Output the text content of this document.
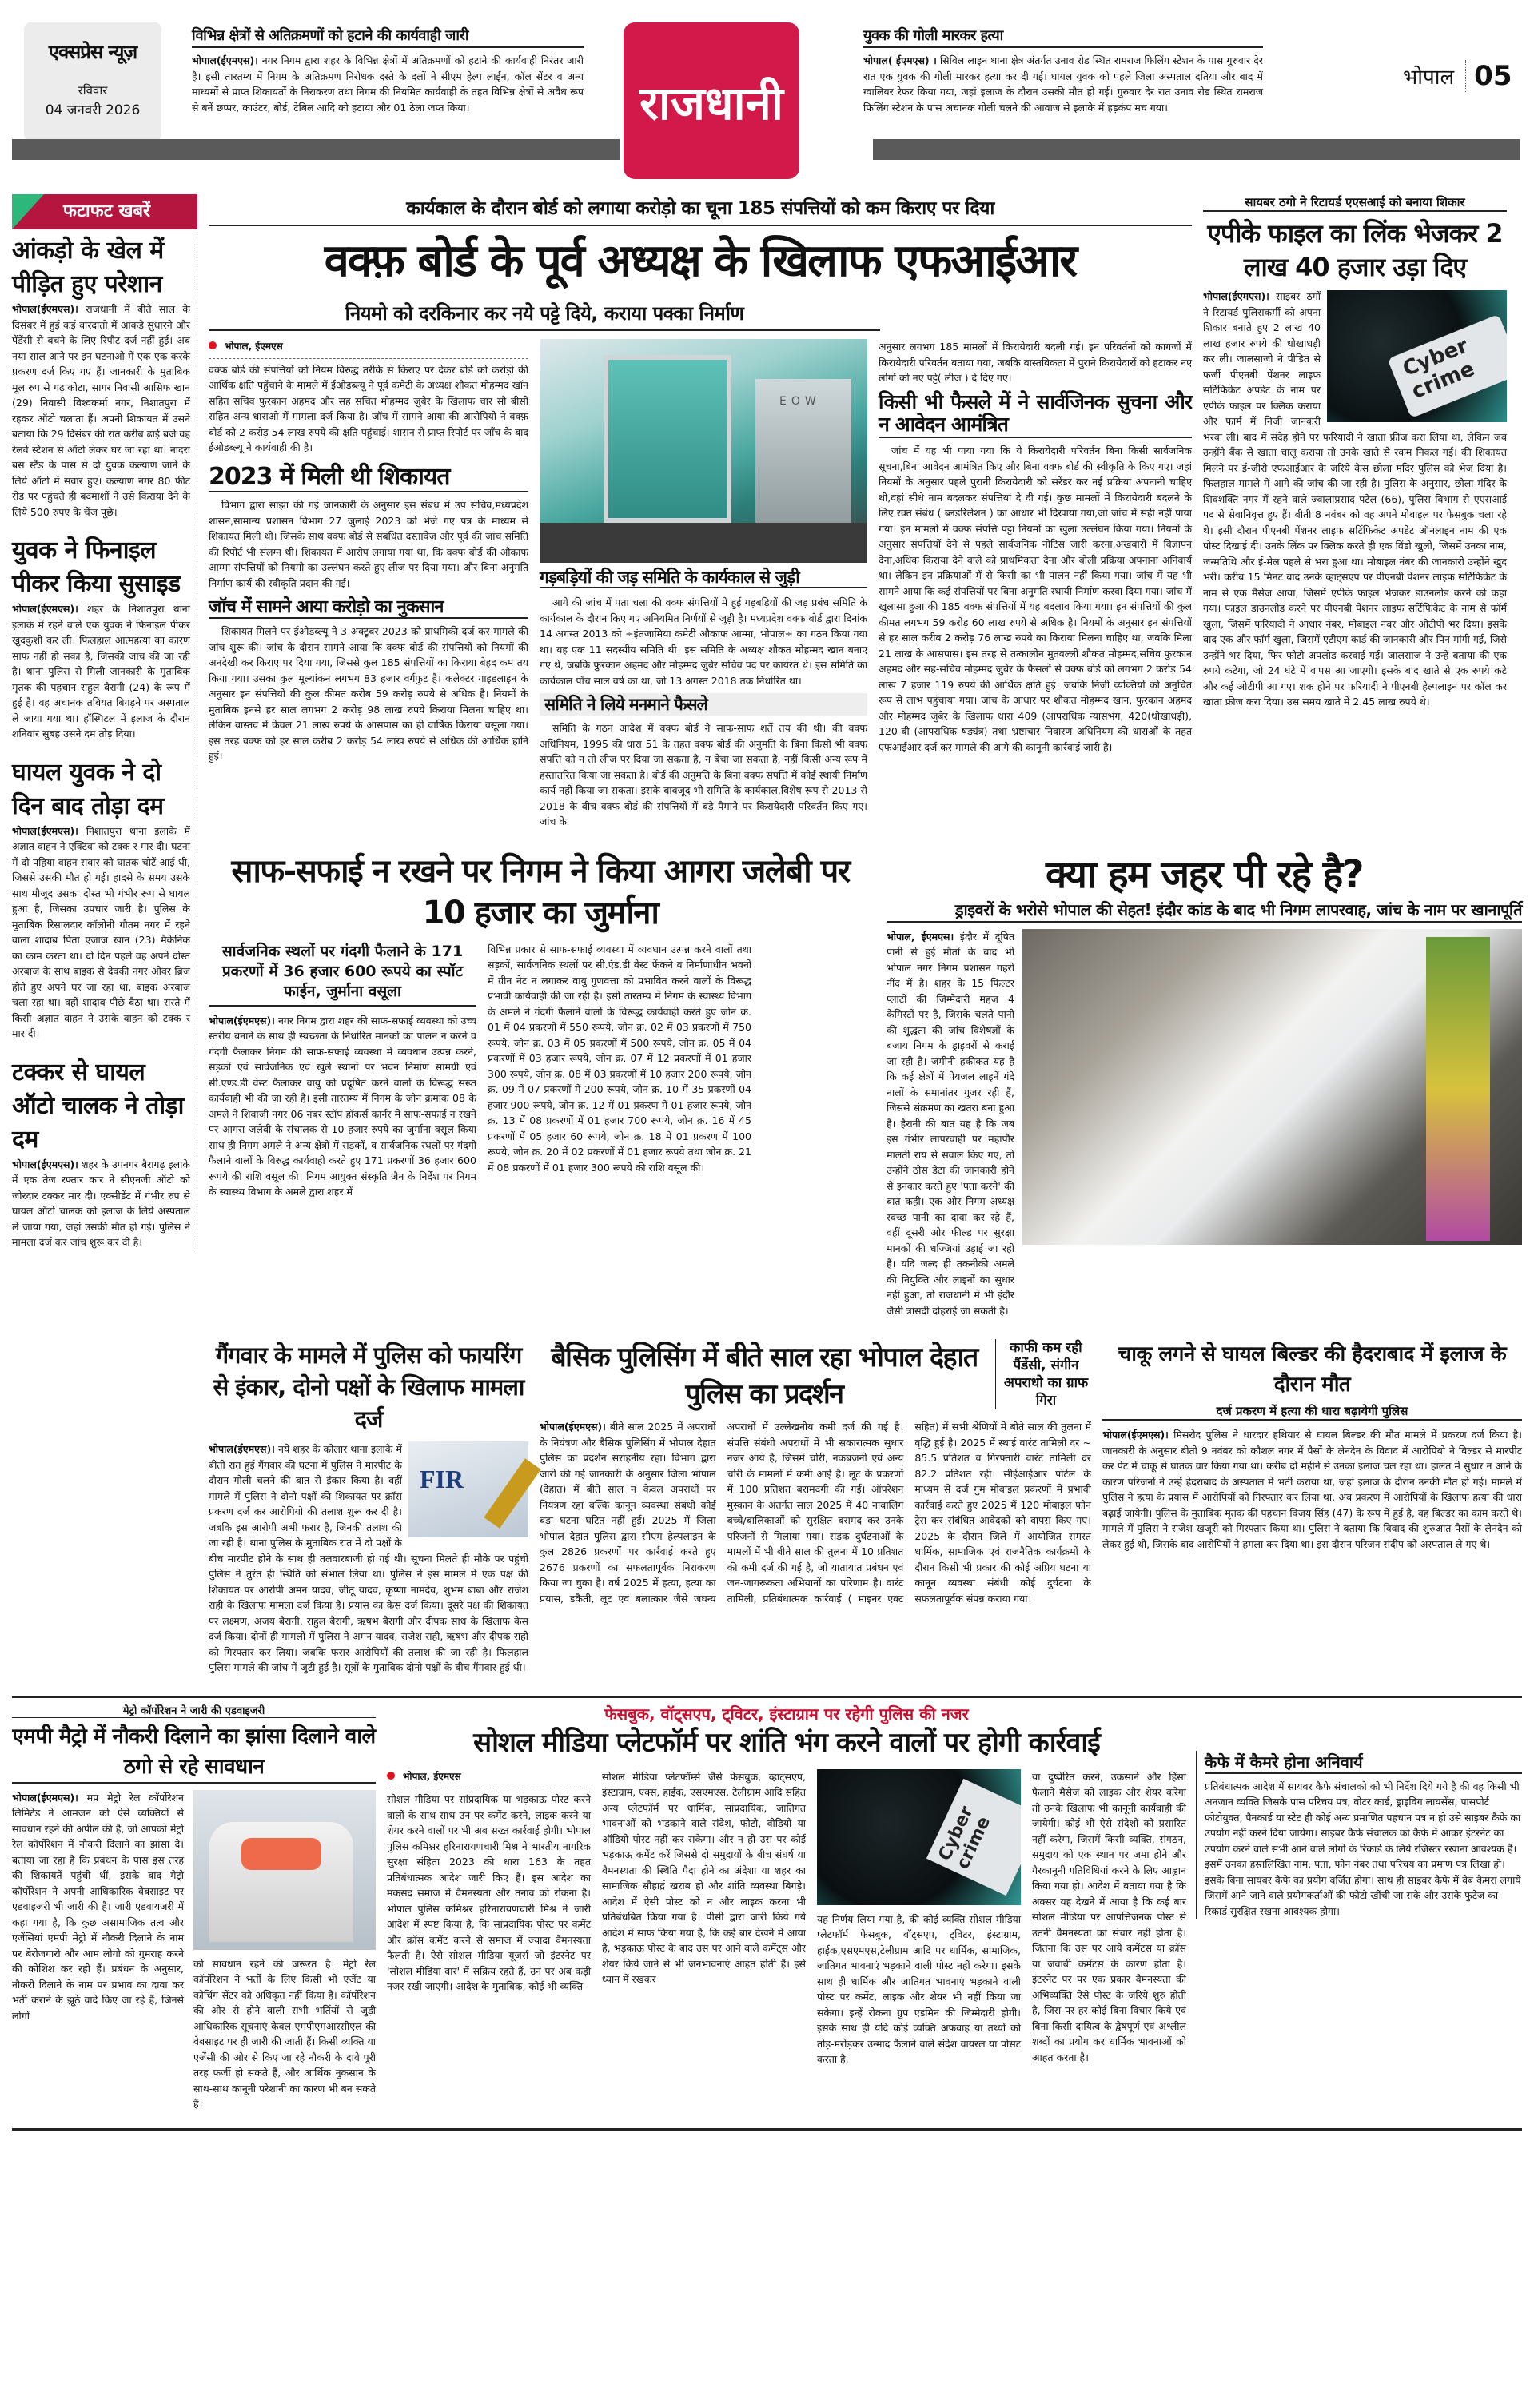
एक्सप्रेस न्यूज़
रविवार
04 जनवरी 2026
विभिन्न क्षेत्रों से अतिक्रमणों को हटाने की कार्यवाही जारी

भोपाल(ईएमएस)। नगर निगम द्वारा शहर के विभिन्न क्षेत्रों में अतिक्रमणों को हटाने की कार्यवाही निरंतर जारी है। इसी तारतम्य में निगम के अतिक्रमण निरोधक दस्ते के दलों ने सीएम हेल्प लाईन, कॉल सेंटर व अन्य माध्यमों से प्राप्त शिकायतों के निराकरण तथा निगम की नियमित कार्यवाही के तहत विभिन्न क्षेत्रों से अवैध रूप से बनें छप्पर, काउंटर, बोर्ड, टेबिल आदि को हटाया और 01 ठेला जप्त किया।	राजधानी
युवक की गोली मारकर हत्या

भोपाल( ईएमएस) । सिविल लाइन थाना क्षेत्र अंतर्गत उनाव रोड स्थित रामराज फिलिंग स्टेशन के पास गुरुवार देर रात एक युवक की गोली मारकर हत्या कर दी गई। घायल युवक को पहले जिला अस्पताल दतिया और बाद में ग्वालियर रेफर किया गया, जहां इलाज के दौरान उसकी मौत हो गई। गुरुवार देर रात उनाव रोड स्थित रामराज फिलिंग स्टेशन के पास अचानक गोली चलने की आवाज से इलाके में हड़कंप मच गया।

भोपाल 05
फटाफट खबरें
आंकड़ो के खेल में पीड़ित हुए परेशान
भोपाल(ईएमएस)। राजधानी में बीते साल के दिसंबर में हुई कई वारदातो में आंकड़े सुधारने और पेंडेंसी से बचने के लिए रिपौट दर्ज नहीं हुई। अब नया साल आने पर इन घटनाओ में एक-एक करके प्रकरण दर्ज किए गए हैं। जानकारी के मुताबिक मूल रुप से गढ़ाकोटा, सागर निवासी आसिफ खान (29) निवासी विश्वकर्मा नगर, निशातपुरा में रहकर ऑटो चलाता हैं। अपनी शिकायत में उसने बताया कि 29 दिसंबर की रात करीब ढाई बजे वह रेलवे स्टेशन से ऑटो लेकर घर जा रहा था। नादरा बस स्टैंड के पास से दो युवक कल्याण जाने के लिये ऑटो में सवार हुए। कल्याण नगर 80 फीट रोड पर पहुंचते ही बदमाशों ने उसे किराया देने के लिये 500 रुपए के चेंज पूछे।
युवक ने फिनाइल पीकर किया सुसाइड
भोपाल(ईएमएस)। शहर के निशातपुरा थाना इलाके में रहने वाले एक युवक ने फिनाइल पीकर खुदकुशी कर ली। फिलहाल आत्महत्या का कारण साफ नहीं हो सका है, जिसकी जांच की जा रही है। थाना पुलिस से मिली जानकारी के मुताबिक मृतक की पहचान राहुल बैरागी (24) के रूप में हुई है। वह अचानक तबियत बिगड़ने पर अस्पताल ले जाया गया था। हॉस्पिटल में इलाज के दौरान शनिवार सुबह उसने दम तोड़ दिया।
घायल युवक ने दो दिन बाद तोड़ा दम
भोपाल(ईएमएस)। निशातपुरा थाना इलाके में अज्ञात वाहन ने एक्टिवा को टक्क र मार दी। घटना में दो पहिया वाहन सवार को घातक चोटें आई थी, जिससे उसकी मौत हो गई। हादसे के समय उसके साथ मौजूद उसका दोस्त भी गंभीर रूप से घायल हुआ है, जिसका उपचार जारी है। पुलिस के मुताबिक रिसालदार कॉलोनी गौतम नगर में रहने वाला शादाब पिता एजाज खान (23) मैकेनिक का काम करता था। दो दिन पहले वह अपने दोस्त अरबाज के साथ बाइक से देवकी नगर ओवर ब्रिज होते हुए अपने घर जा रहा था, बाइक अरबाज चला रहा था। वहीं शादाब पीछे बैठा था। रास्ते में किसी अज्ञात वाहन ने उसके वाहन को टक्क र मार दी।
टक्कर से घायल ऑटो चालक ने तोड़ा दम
भोपाल(ईएमएस)। शहर के उपनगर बैरागढ़ इलाके में एक तेज रफ्तार कार ने सीएनजी ऑटो को जोरदार टक्कर मार दी। एक्सीडेंट में गंभीर रुप से घायल ऑटो चालक को इलाज के लिये अस्पताल ले जाया गया, जहां उसकी मौत हो गई। पुलिस ने मामला दर्ज कर जांच शुरू कर दी है।
कार्यकाल के दौरान बोर्ड को लगाया करोड़ो का चूना 185 संपत्तियों को कम किराए पर दिया
वक्फ़ बोर्ड के पूर्व अध्यक्ष के खिलाफ एफआईआर
नियमो को दरकिनार कर नये पट्टे दिये, कराया पक्का निर्माण
भोपाल, ईएमएस
वक्फ़ बोर्ड की संपत्तियों को नियम विरुद्ध तरीके से किराए पर देकर बोर्ड को करोड़ो की आर्थिक क्षति पहुँचाने के मामले में ईओडब्ल्यू ने पूर्व कमेटी के अध्यक्ष शौकत मोहम्मद खॉन सहित सचिव फुरकान अहमद और सह सचित मोहम्मद जुबेर के खिलाफ चार सौ बीसी सहित अन्य धाराओ में मामला दर्ज किया है। जॉच में सामने आया की आरोपियो ने वक्फ़ बोर्ड को 2 करोड़ 54 लाख रुपये की क्षति पहुंचाई। शासन से प्राप्त रिपोर्ट पर जाँच के बाद ईओडब्ल्यू ने कार्यवाही की है।
2023 में मिली थी शिकायत

विभाग द्वारा साझा की गई जानकारी के अनुसार इस संबध में उप सचिव,मध्यप्रदेश शासन,सामान्य प्रशासन विभाग 27 जुलाई 2023 को भेजे गए पत्र के माध्यम से शिकायत मिली थी। जिसके साथ वक्फ बोर्ड से संबंधित दस्तावेज़ और पूर्व की जांच समिति की रिपोर्ट भी संलग्न थी। शिकायत में आरोप लगाया गया था, कि वक्फ बोर्ड की औकाफ आम्मा संपत्तियों को नियमो का उल्लंघन करते हुए लीज पर दिया गया। और बिना अनुमति निर्माण कार्य की स्वीकृति प्रदान की गई।

जॉच में सामने आया करोड़ो का नुकसान

शिकायत मिलने पर ईओडब्ल्यू ने 3 अक्टूबर 2023 को प्राथमिकी दर्ज कर मामले की जांच शुरू की। जांच के दौरान सामने आया कि वक्फ बोर्ड की संपत्तियों को नियमों की अनदेखी कर किराए पर दिया गया, जिससे कुल 185 संपत्तियों का किराया बेहद कम तय किया गया। उसका कुल मूल्यांकन लगभग 83 हजार वर्गफुट है। कलेक्टर गाइडलाइन के अनुसार इन संपत्तियों की कुल कीमत करीब 59 करोड़ रुपये से अधिक है। नियमों के मुताबिक इनसे हर साल लगभग 2 करोड़ 98 लाख रुपये किराया मिलना चाहिए था। लेकिन वास्तव में केवल 21 लाख रुपये के आसपास का ही वार्षिक किराया वसूला गया। इस तरह वक्फ को हर साल करीब 2 करोड़ 54 लाख रुपये से अधिक की आर्थिक हानि हुई।

EOW
गड़बड़ियों की जड़ समिति के कार्यकाल से जुड़ी

आगे की जांच में पता चला की वक्फ संपत्तियों में हुई गड़बड़ियों की जड़ प्रबंध समिति के कार्यकाल के दौरान किए गए अनियमित निर्णयों से जुड़ी है। मध्यप्रदेश वक्फ बोर्ड द्वारा दिनांक 14 अगस्त 2013 को ÷इंतजामिया कमेटी औकाफ आम्मा, भोपाल÷ का गठन किया गया था। यह एक 11 सदस्यीय समिति थी। इस समिति के अध्यक्ष शौकत मोहम्मद खान बनाए गए थे, जबकि फुरकान अहमद और मोहम्मद जुबेर सचिव पद पर कार्यरत थे। इस समिति का कार्यकाल पाँच साल वर्ष का था, जो 13 अगस्त 2018 तक निर्धारित था।

समिति ने लिये मनमाने फैसले

समिति के गठन आदेश में वक्फ बोर्ड ने साफ-साफ शर्ते तय की थी। की वक्फ अधिनियम, 1995 की धारा 51 के तहत वक्फ बोर्ड की अनुमति के बिना किसी भी वक्फ संपत्ति को न तो लीज पर दिया जा सकता है, न बेचा जा सकता है, नहीं किसी अन्य रूप में हस्तांतरित किया जा सकता है। बोर्ड की अनुमति के बिना वक्फ संपत्ति में कोई स्थायी निर्माण कार्य नहीं किया जा सकता। इसके बावजूद भी समिति के कार्यकाल,विशेष रूप से 2013 से 2018 के बीच वक्फ बोर्ड की संपत्तियों में बड़े पैमाने पर किरायेदारी परिवर्तन किए गए। जांच के

अनुसार लगभग 185 मामलों में किरायेदारी बदली गई। इन परिवर्तनों को कागजों में किरायेदारी परिवर्तन बताया गया, जबकि वास्तविकता में पुराने किरायेदारों को हटाकर नए लोगों को नए पट्टे( लीज ) दे दिए गए।
किसी भी फैसले में ने सार्वजिनक सुचना और न आवेदन आमंत्रित

जांच में यह भी पाया गया कि ये किरायेदारी परिवर्तन बिना किसी सार्वजनिक सूचना,बिना आवेदन आमंत्रित किए और बिना वक्फ बोर्ड की स्वीकृति के किए गए। जहां नियमों के अनुसार पहले पुरानी किरायेदारी को सरेंडर कर नई प्रक्रिया अपनानी चाहिए थी,वहां सीधे नाम बदलकर संपत्तियां दे दी गई। कुछ मामलों में किरायेदारी बदलने के लिए रक्त संबंध ( ब्लडरिलेशन ) का आधार भी दिखाया गया,जो जांच में सही नहीं पाया गया। इन मामलों में वक्फ संपत्ति पट्टा नियमों का खुला उल्लंघन किया गया। नियमों के अनुसार संपत्तियों देने से पहले सार्वजनिक नोटिस जारी करना,अखबारों में विज्ञापन देना,अधिक किराया देने वाले को प्राथमिकता देना और बोली प्रक्रिया अपनाना अनिवार्य था। लेकिन इन प्रक्रियाओं में से किसी का भी पालन नहीं किया गया। जांच में यह भी सामने आया कि कई संपत्तियों पर बिना अनुमति स्थायी निर्माण करवा दिया गया। जांच में खुलासा हुआ की 185 वक्फ संपत्तियों में यह बदलाव किया गया। इन संपत्तियों की कुल कीमत लगभग 59 करोड़ 60 लाख रुपये से अधिक है। नियमों के अनुसार इन संपत्तियों से हर साल करीब 2 करोड़ 76 लाख रुपये का किराया मिलना चाहिए था, जबकि मिला 21 लाख के आसपास। इस तरह से तत्कालीन मुतवल्ली शौकत मोहम्मद,सचिव फुरकान अहमद और सह-सचिव मोहम्मद जुबेर के फैसलों से वक्फ बोर्ड को लगभग 2 करोड़ 54 लाख 7 हजार 119 रुपये की आर्थिक क्षति हुई। जबकि निजी व्यक्तियों को अनुचित रूप से लाभ पहुंचाया गया। जांच के आधार पर शौकत मोहम्मद खान, फुरकान अहमद और मोहम्मद जुबेर के खिलाफ धारा 409 (आपराधिक न्यासभंग, 420(धोखाधड़ी), 120-बी (आपराधिक षड्यंत्र) तथा भ्रष्टाचार निवारण अधिनियम की धाराओं के तहत एफआईआर दर्ज कर मामले की आगे की कानूनी कार्रवाई जारी है।

सायबर ठगो ने रिटायर्ड एएसआई को बनाया शिकार
एपीके फाइल का लिंक भेजकर 2 लाख 40 हजार उड़ा दिए
Cyber crime
भोपाल(ईएमएस)। साइबर ठगों ने रिटायर्ड पुलिसकर्मी को अपना शिकार बनाते हुए 2 लाख 40 लाख हजार रुपये की धोखाधड़ी कर ली। जालसाजो ने पीड़ित से फर्जी पीएनबी पेंशनर लाइफ सर्टिफिकेट अपडेट के नाम पर एपीके फाइल पर क्लिक कराया और फार्म में निजी जानकरी भरवा ली। बाद में संदेह होने पर फरियादी ने खाता फ्रीज करा लिया था, लेकिन जब उन्होंने बैंक से खाता चालू कराया तो उनके खाते से रकम निकल गई। की शिकायत मिलने पर ई-जीरो एफआईआर के जरिये केस छोला मंदिर पुलिस को भेज दिया है। फिलहाल मामले में आगे की जांच की जा रही है। पुलिस के अनुसार, छोला मंदिर के शिवशक्ति नगर में रहने वाले ज्वालाप्रसाद पटेल (66), पुलिस विभाग से एएसआई पद से सेवानिवृत्त हुए हैं। बीती 8 नवंबर को वह अपने मोबाइल पर फेसबुक चला रहे थे। इसी दौरान पीएनबी पेंशनर लाइफ सर्टिफिकेट अपडेट ऑनलाइन नाम की एक पोस्ट दिखाई दी। उनके लिंक पर क्लिक करते ही एक विंडो खुली, जिसमें उनका नाम, जन्मतिथि और ई-मेल पहले से भरा हुआ था। मोबाइल नंबर की जानकारी उन्होंने खुद भरी। करीब 15 मिनट बाद उनके व्हाट्सएप पर पीएनबी पेंशनर लाइफ सर्टिफिकेट के नाम से एक मैसेज आया, जिसमें एपीके फाइल भेजकर डाउनलोड करने को कहा गया। फाइल डाउनलोड करने पर पीएनबी पेंशनर लाइफ सर्टिफिकेट के नाम से फॉर्म खुला, जिसमें फरियादी ने आधार नंबर, मोबाइल नंबर और ओटीपी भर दिया। इसके बाद एक और फॉर्म खुला, जिसमें एटीएम कार्ड की जानकारी और पिन मांगी गई, जिसे उन्होंने भर दिया, फिर फोटो अपलोड करवाई गई। जालसाज ने उन्हें बताया की एक रुपये कटेगा, जो 24 घंटे में वापस आ जाएगी। इसके बाद खाते से एक रुपये कटे और कई ओटीपी आ गए। शक होने पर फरियादी ने पीएनबी हेल्पलाइन पर कॉल कर खाता फ्रीज करा दिया। उस समय खाते में 2.45 लाख रुपये थे।
साफ-सफाई न रखने पर निगम ने किया आगरा जलेबी पर 10 हजार का जुर्माना
सार्वजनिक स्थलों पर गंदगी फैलाने के 171 प्रकरणों में 36 हजार 600 रूपये का स्पॉट फाईन, जुर्माना वसूला
भोपाल(ईएमएस)। नगर निगम द्वारा शहर की साफ-सफाई व्यवस्था को उच्च स्तरीय बनाने के साथ ही स्वच्छता के निर्धारित मानकों का पालन न करने व गंदगी फैलाकर निगम की साफ-सफाई व्यवस्था में व्यवधान उत्पन्न करने, सड़कों एवं सार्वजनिक एवं खुले स्थानों पर भवन निर्माण सामग्री एवं सी.एण्ड.डी वेस्ट फैलाकर वायु को प्रदूषित करने वालों के विरूद्ध सख्त कार्यवाही भी की जा रही है। इसी तारतम्य में निगम के जोन क्रमांक 08 के अमले ने शिवाजी नगर 06 नंबर स्टॉप हॉकर्स कार्नर में साफ-सफाई न रखने पर आगरा जलेबी के संचालक से 10 हजार रुपये का जुर्माना वसूल किया साथ ही निगम अमले ने अन्य क्षेत्रों में सड़कों, व सार्वजनिक स्थलों पर गंदगी फैलाने वालों के विरुद्ध कार्यवाही करते हुए 171 प्रकरणों 36 हजार 600 रूपये की राशि वसूल की। निगम आयुक्त संस्कृति जैन के निर्देश पर निगम के स्वास्थ्य विभाग के अमले द्वारा शहर में
विभिन्न प्रकार से साफ-सफाई व्यवस्था में व्यवधान उत्पन्न करने वालों तथा सड़कों, सार्वजनिक स्थलों पर सी.एंड.डी वेस्ट फेंकने व निर्माणाधीन भवनों में ग्रीन नेट न लगाकर वायु गुणवत्ता को प्रभावित करने वालों के विरूद्ध प्रभावी कार्यवाही की जा रही है। इसी तारतम्य में निगम के स्वास्थ्य विभाग के अमले ने गंदगी फैलाने वालों के विरूद्ध कार्यवाही करते हुए जोन क्र. 01 में 04 प्रकरणों में 550 रूपये, जोन क्र. 02 में 03 प्रकरणों में 750 रूपये, जोन क्र. 03 में 05 प्रकरणों में 500 रूपये, जोन क्र. 05 में 04 प्रकरणों में 03 हजार रूपये, जोन क्र. 07 में 12 प्रकरणों में 01 हजार 300 रूपये, जोन क्र. 08 में 03 प्रकरणों में 10 हजार 200 रूपये, जोन क्र. 09 में 07 प्रकरणों में 200 रूपये, जोन क्र. 10 में 35 प्रकरणों 04 हजार 900 रूपये, जोन क्र. 12 में 01 प्रकरण में 01 हजार रूपये, जोन क्र. 13 में 08 प्रकरणों में 01 हजार 700 रूपये, जोन क्र. 16 में 45 प्रकरणों में 05 हजार 60 रूपये, जोन क्र. 18 में 01 प्रकरण में 100 रूपये, जोन क्र. 20 में 02 प्रकरणों में 01 हजार रूपये तथा जोन क्र. 21 में 08 प्रकरणों में 01 हजार 300 रूपये की राशि वसूल की।
क्या हम जहर पी रहे है?
ड्राइवरों के भरोसे भोपाल की सेहत! इंदौर कांड के बाद भी निगम लापरवाह, जांच के नाम पर खानापूर्ति
भोपाल, ईएमएस। इंदौर में दूषित पानी से हुई मौतों के बाद भी भोपाल नगर निगम प्रशासन गहरी नींद में है। शहर के 15 फिल्टर प्लांटों की जिम्मेदारी महज 4 केमिस्टों पर है, जिसके चलते पानी की शुद्धता की जांच विशेषज्ञों के बजाय निगम के ड्राइवरों से कराई जा रही है। जमीनी हकीकत यह है कि कई क्षेत्रों में पेयजल लाइनें गंदे नालों के समानांतर गुजर रही हैं, जिससे संक्रमण का खतरा बना हुआ है। हैरानी की बात यह है कि जब इस गंभीर लापरवाही पर महापौर मालती राय से सवाल किए गए, तो उन्होंने ठोस डेटा की जानकारी होने से इनकार करते हुए 'पता करने' की बात कही। एक ओर निगम अध्यक्ष स्वच्छ पानी का दावा कर रहे हैं, वहीं दूसरी ओर फील्ड पर सुरक्षा मानकों की धज्जियां उड़ाई जा रही हैं। यदि जल्द ही तकनीकी अमले की नियुक्ति और लाइनों का सुधार नहीं हुआ, तो राजधानी में भी इंदौर जैसी त्रासदी दोहराई जा सकती है।
गैंगवार के मामले में पुलिस को फायरिंग से इंकार, दोनो पक्षों के खिलाफ मामला दर्ज
FIR
भोपाल(ईएमएस)। नये शहर के कोलार थाना इलाके में बीती रात हुई गैंगवार की घटना में पुलिस ने मारपीट के दौरान गोली चलने की बात से इंकार किया है। वहीं मामले में पुलिस ने दोनो पक्षों की शिकायत पर क्रॉस प्रकरण दर्ज कर आरोपियो की तलाश शुरू कर दी है। जबकि इस आरोपी अभी फरार है, जिनकी तलाश की जा रही है। थाना पुलिस के मुताबिक रात में दो पक्षों के बीच मारपीट होने के साथ ही तलवारबाजी हो गई थी। सूचना मिलते ही मौके पर पहुंची पुलिस ने तुरंत ही स्थिति को संभाल लिया था। पुलिस ने इस मामले में एक पक्ष की शिकायत पर आरोपी अमन यादव, जीतू यादव, कृष्णा नामदेव, शुभम बाबा और राजेश राही के खिलाफ मामला दर्ज किया है। प्रयास का केस दर्ज किया। दूसरे पक्ष की शिकायत पर लक्ष्मण, अजय बैरागी, राहुल बैरागी, ऋषभ बैरागी और दीपक साध के खिलाफ केस दर्ज किया। दोनों ही मामलों में पुलिस ने अमन यादव, राजेश राही, ऋषभ और दीपक राही को गिरफ्तार कर लिया। जबकि फरार आरोपियों की तलाश की जा रही है। फिलहाल पुलिस मामले की जांच में जुटी हुई है। सूत्रों के मुताबिक दोनो पक्षों के बीच गैंगवार हुई थी।
बैसिक पुलिसिंग में बीते साल रहा भोपाल देहात पुलिस का प्रदर्शन
काफी कम रही पैंडेंसी, संगीन अपराधो का ग्राफ गिरा
भोपाल(ईएमएस)। बीते साल 2025 में अपराधों के नियंत्रण और बैसिक पुलिसिंग में भोपाल देहात पुलिस का प्रदर्शन सराहनीय रहा। विभाग द्वारा जारी की गई जानकारी के अनुसार जिला भोपाल (देहात) में बीते साल न केवल अपराधों पर नियंत्रण रहा बल्कि कानून व्यवस्था संबंधी कोई बड़ा घटना घटित नहीं हुई। 2025 में जिला भोपाल देहात पुलिस द्वारा सीएम हेल्पलाइन के कुल 2826 प्रकरणों पर कार्रवाई करते हुए 2676 प्रकरणों का सफलतापूर्वक निराकरण किया जा चुका है। वर्ष 2025 में हत्या, हत्या का प्रयास, डकैती, लूट एवं बलात्कार जैसे जघन्य अपराधों में उल्लेखनीय कमी दर्ज की गई है। संपत्ति संबंधी अपराधों में भी सकारात्मक सुधार नजर आये है, जिसमें चोरी, नकबजनी एवं अन्य चोरी के मामलों में कमी आई है। लूट के प्रकरणों में 100 प्रतिशत बरामदगी की गई। ऑपरेशन मुस्कान के अंतर्गत साल 2025 में 40 नाबालिग बच्चे/बालिकाओं को सुरक्षित बरामद कर उनके परिजनों से मिलाया गया। सड़क दुर्घटनाओं के मामलों में भी बीते साल की तुलना में 10 प्रतिशत की कमी दर्ज की गई है, जो यातायात प्रबंधन एवं जन-जागरूकता अभियानों का परिणाम है। वारंट तामिली, प्रतिबंधात्मक कार्रवाई ( माइनर एक्ट सहित) में सभी श्रेणियों में बीते साल की तुलना में वृद्धि हुई है। 2025 में स्थाई वारंट तामिली दर ~ 85.5 प्रतिशत व गिरफ्तारी वारंट तामिली दर 82.2 प्रतिशत रही। सीईआईआर पोर्टल के माध्यम से दर्ज गुम मोबाइल प्रकरणों में प्रभावी कार्रवाई करते हुए 2025 में 120 मोबाइल फोन ट्रेस कर संबंधित आवेदकों को वापस किए गए। 2025 के दौरान जिले में आयोजित समस्त धार्मिक, सामाजिक एवं राजनैतिक कार्यक्रमों के दौरान किसी भी प्रकार की कोई अप्रिय घटना या कानून व्यवस्था संबंधी कोई दुर्घटना के सफलतापूर्वक संपन्न कराया गया।
चाकू लगने से घायल बिल्डर की हैदराबाद में इलाज के दौरान मौत
दर्ज प्रकरण में हत्या की धारा बढ़ायेगी पुलिस
भोपाल(ईएमएस)। मिसरोद पुलिस ने धारदार हथियार से घायल बिल्डर की मौत मामले में प्रकरण दर्ज किया है। जानकारी के अनुसार बीती 9 नवंबर को कौशल नगर में पैसों के लेनदेन के विवाद में आरोपियो ने बिल्डर से मारपीट कर पेट में चाकू से घातक वार किया गया था। करीब दो महीने से उनका इलाज चल रहा था। हालत में सुधार न आने के कारण परिजनों ने उन्हें हेदराबाद के अस्पताल में भर्ती कराया था, जहां इलाज के दौरान उनकी मौत हो गई। मामले में पुलिस ने हत्या के प्रयास में आरोपियों को गिरफ्तार कर लिया था, अब प्रकरण में आरोपियों के खिलाफ हत्या की धारा बढ़ाई जायेगी। पुलिस के मुताबिक मृतक की पहचान विजय सिंह (47) के रूप में हुई है, वह बिल्डर का काम करते थे। मामले में पुलिस ने राजेश खजूरी को गिरफ्तार किया था। पुलिस ने बताया कि विवाद की शुरुआत पैसों के लेनदेन को लेकर हुई थी, जिसके बाद आरोपियों ने हमला कर दिया था। इस दौरान परिजन संदीप को अस्पताल ले गए थे।
मेट्रो कॉर्पोरेशन ने जारी की एडवाइजरी
एमपी मैट्रो में नौकरी दिलाने का झांसा दिलाने वाले ठगो से रहे सावधान
भोपाल(ईएमएस)। मप्र मेट्रो रेल कॉर्पोरेशन लिमिटेड ने आमजन को ऐसे व्यक्तियों से सावधान रहने की अपील की है, जो आपको मेट्रो रेल कॉर्पोरेशन में नौकरी दिलाने का झांसा दे। बताया जा रहा है कि प्रबंधन के पास इस तरह की शिकायतें पहुंची थीं, इसके बाद मेट्रो कॉर्पोरेशन ने अपनी आधिकारिक वेबसाइट पर एडवाइजरी भी जारी की है। जारी एडवायजरी में कहा गया है, कि कुछ असामाजिक तत्व और एजेंसियां एमपी मेट्रो में नौकरी दिलाने के नाम पर बेरोजगारो और आम लोगो को गुमराह करने की कोशिश कर रही हैं। प्रबंधन के अनुसार, नौकरी दिलाने के नाम पर प्रभाव का दावा कर भर्ती कराने के झूठे वादे किए जा रहे हैं, जिनसे लोगों
को सावधान रहने की जरूरत है। मेट्रो रेल कॉर्पोरेशन ने भर्ती के लिए किसी भी एजेंट या कोचिंग सेंटर को अधिकृत नहीं किया है। कॉर्पोरेशन की ओर से होने वाली सभी भर्तियों से जुड़ी आधिकारिक सूचनाएं केवल एमपीएमआरसीएल की वेबसाइट पर ही जारी की जाती हैं। किसी व्यक्ति या एजेंसी की ओर से किए जा रहे नौकरी के दावे पूरी तरह फर्जी हो सकते हैं, और आर्थिक नुकसान के साथ-साथ कानूनी परेशानी का कारण भी बन सकते हैं।
फेसबुक, वॉट्सएप, ट्विटर, इंस्टाग्राम पर रहेगी पुलिस की नजर
सोशल मीडिया प्लेटफॉर्म पर शांति भंग करने वालों पर होगी कार्रवाई
भोपाल, ईएमएस
सोशल मीडिया पर सांप्रदायिक या भड़काऊ पोस्ट करने वालों के साथ-साथ उन पर कमेंट करने, लाइक करने या शेयर करने वालों पर भी अब सख्त कार्रवाई होगी। भोपाल पुलिस कमिश्नर हरिनारायणचारी मिश्र ने भारतीय नागरिक सुरक्षा संहिता 2023 की धारा 163 के तहत प्रतिबंधात्मक आदेश जारी किए हैं। इस आदेश का मकसद समाज में वैमनस्यता और तनाव को रोकना है। भोपाल पुलिस कमिश्नर हरिनारायणचारी मिश्र ने जारी आदेश में स्पष्ट किया है, कि सांप्रदायिक पोस्ट पर कमेंट और क्रॉस कमेंट करने से समाज में ज्यादा वैमनस्यता फैलती है। ऐसे सोशल मीडिया यूजर्स जो इंटरनेट पर 'सोशल मीडिया वार' में सक्रिय रहते हैं, उन पर अब कड़ी नजर रखी जाएगी। आदेश के मुताबिक, कोई भी व्यक्ति
सोशल मीडिया प्लेटफॉर्म्स जैसे फेसबुक, व्हाट्सएप, इंस्टाग्राम, एक्स, हाईक, एसएमएस, टेलीग्राम आदि सहित अन्य प्लेटफॉर्म पर धार्मिक, सांप्रदायिक, जातिगत भावनाओं को भड़काने वाले संदेश, फोटो, वीडियो या ऑडियो पोस्ट नहीं कर सकेगा। और न ही उस पर कोई भड़काऊ कमेंट करें जिससे दो समुदायों के बीच संघर्ष या वैमनस्यता की स्थिति पैदा होने का अंदेशा या शहर का सामाजिक सौहार्द्र खराब हो और शांति व्यवस्था बिगड़े। आदेश में ऐसी पोस्ट को न और लाइक करना भी प्रतिबंधबित किया गया है। पीसी द्वारा जारी किये गये आदेश में साफ किया गया है, कि कई बार देखने में आया है, भड़काऊ पोस्ट के बाद उस पर आने वाले कमेंट्स और शेयर किये जाने से भी जनभावनाएं आहत होती हैं। इसे ध्यान में रखकर
Cyber crime
यह निर्णय लिया गया है, की कोई व्यक्ति सोशल मीडिया प्लेटफॉर्म फेसबुक, वॉट्सएप, ट्विटर, इंस्टाग्राम, हाईक,एसएमएस,टेलीग्राम आदि पर धार्मिक, सामाजिक, जातिगत भावनाएं भड़काने वाली पोस्ट नहीं करेगा। इसके साथ ही धार्मिक और जातिगत भावनाएं भड़काने वाली पोस्ट पर कमेंट, लाइक और शेयर भी नहीं किया जा सकेगा। इन्हें रोकना ग्रुप एडमिन की जिम्मेदारी होगी। इसके साथ ही यदि कोई व्यक्ति अफवाह या तथ्यों को तोड़-मरोड़कर उन्माद फैलाने वाले संदेश वायरल या पोसट करता है,
या दुष्प्रेरित करने, उकसाने और हिंसा फैलाने मैसेज को लाइक और शेयर करेगा तो उनके खिलाफ भी कानूनी कार्यवाही की जायेगी। कोई भी ऐसे संदेशों को प्रसारित नहीं करेगा, जिसमें किसी व्यक्ति, संगठन, समुदाय को एक स्थान पर जमा होने और गैरकानूनी गतिविधियां करने के लिए आह्वान किया गया हो। आदेश में बताया गया है कि अक्सर यह देखने में आया है कि कई बार सोशल मीडिया पर आपत्तिजनक पोस्ट से उतनी वैमनस्यता का संचार नहीं होता है। जितना कि उस पर आये कमेंटस या क्रॉस या जवाबी कमेंटस के कारण होता है। इंटरनेट पर पर एक प्रकार वैमनस्यता की अभिव्यक्ति ऐसे पोस्ट के जरिये शुरु होती है, जिस पर हर कोई बिना विचार किये एवं बिना किसी दायित्व के द्वेषपूर्ण एवं अश्लील शब्दों का प्रयोग कर धार्मिक भावनाओं को आहत करता है।
कैफे में कैमरे होना अनिवार्य
प्रतिबंधात्मक आदेश में सायबर कैफे संचालको को भी निर्देश दिये गये है की वह किसी भी अनजान व्यक्ति जिसके पास परिचय पत्र, वोटर कार्ड, ड्राइविंग लायसेंस, पासपोर्ट फोटोयुक्त, पैनकार्ड या स्टेट ही कोई अन्य प्रमाणित पहचान पत्र न हो उसे साइबर कैफे का उपयोग नहीं करने दिया जायेगा। साइबर कैफे संचालक को कैफे में आकर इंटरनेट का उपयोग करने वाले सभी आने वाले लोगो के रिकार्ड के लिये रजिस्टर रखाना आवश्यक है। इसमें उनका हस्तलिखित नाम, पता, फोन नंबर तथा परिचय का प्रमाण पत्र लिखा हो। इसके बिना सायबर कैफे का प्रयोग वर्जित होगा। साथ ही साइबर कैफे में वेब कैमरा लगाये जिसमें आने-जाने वाले प्रयोगकर्ताओं की फोटो खींची जा सके और उसके फुटेज का रिकार्ड सुरक्षित रखना आवश्यक होगा।
